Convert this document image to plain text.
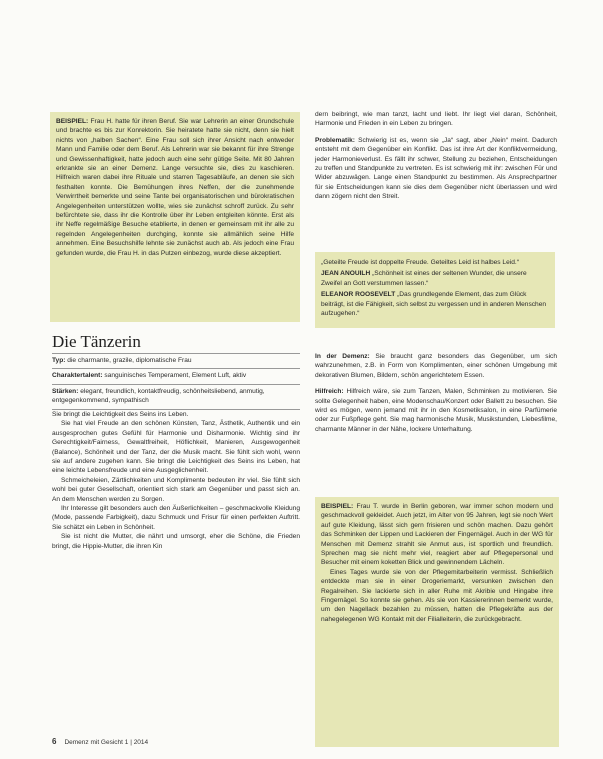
BEISPIEL: Frau H. hatte für ihren Beruf. Sie war Lehrerin an einer Grundschule und brachte es bis zur Konrektorin. Sie heiratete hatte sie nicht, denn sie hielt nichts von „halben Sachen“. Eine Frau soll sich ihrer Ansicht nach entweder Mann und Familie oder dem Beruf. Als Lehrerin war sie bekannt für ihre Strenge und Gewissenhaftigkeit, hatte jedoch auch eine sehr gütige Seite. Mit 80 Jahren erkrankte sie an einer Demenz. Lange versuchte sie, dies zu kaschieren. Hilfreich waren dabei ihre Rituale und starren Tagesabläufe, an denen sie sich festhalten konnte. Die Bemühungen ihres Neffen, der die zunehmende Verwirrtheit bemerkte und seine Tante bei organisatorischen und bürokratischen Angelegenheiten unterstützen wollte, wies sie zunächst schroff zurück. Zu sehr befürchtete sie, dass ihr die Kontrolle über ihr Leben entgleiten könnte. Erst als ihr Neffe regelmäßige Besuche etablierte, in denen er gemeinsam mit ihr alle zu regelnden Angelegenheiten durchging, konnte sie allmählich seine Hilfe annehmen. Eine Besuchshilfe lehnte sie zunächst auch ab. Als jedoch eine Frau gefunden wurde, die Frau H. in das Putzen einbezog, wurde diese akzeptiert.

Die Tänzerin
Typ: die charmante, grazile, diplomatische Frau
Charaktertalent: sanguinisches Temperament, Element Luft, aktiv
Stärken: elegant, freundlich, kontaktfreudig, schönheitsliebend, anmutig, entgegenkommend, sympathisch

Sie bringt die Leichtigkeit des Seins ins Leben.

Sie hat viel Freude an den schönen Künsten, Tanz, Ästhetik, Authentik und ein ausgesprochen gutes Gefühl für Harmonie und Disharmonie. Wichtig sind ihr Gerechtigkeit/Fairness, Gewaltfreiheit, Höflichkeit, Manieren, Ausgewogenheit (Balance), Schönheit und der Tanz, der die Musik macht. Sie fühlt sich wohl, wenn sie auf andere zugehen kann. Sie bringt die Leichtigkeit des Seins ins Leben, hat eine leichte Lebensfreude und eine Ausgeglichenheit.

Schmeicheleien, Zärtlichkeiten und Komplimente bedeuten ihr viel. Sie fühlt sich wohl bei guter Gesellschaft, orientiert sich stark am Gegenüber und passt sich an. An dem Menschen werden zu Sorgen.

Ihr Interesse gilt besonders auch den Äußerlichkeiten – geschmackvolle Kleidung (Mode, passende Farbigkeit), dazu Schmuck und Frisur für einen perfekten Auftritt. Sie schätzt ein Leben in Schönheit.

Sie ist nicht die Mutter, die nährt und umsorgt, eher die Schöne, die Frieden bringt, die Hippie-Mutter, die ihren Kin

dern beibringt, wie man tanzt, lacht und liebt. Ihr liegt viel daran, Schönheit, Harmonie und Frieden in ein Leben zu bringen.

Problematik: Schwierig ist es, wenn sie „Ja“ sagt, aber „Nein“ meint. Dadurch entsteht mit dem Gegenüber ein Konflikt. Das ist ihre Art der Konfliktvermeidung, jeder Harmonieverlust. Es fällt ihr schwer, Stellung zu beziehen, Entscheidungen zu treffen und Standpunkte zu vertreten. Es ist schwierig mit ihr: zwischen Für und Wider abzuwägen. Lange einen Standpunkt zu bestimmen. Als Ansprechpartner für sie Entscheidungen kann sie dies dem Gegenüber nicht überlassen und wird dann zögern nicht den Streit.

„Geteilte Freude ist doppelte Freude. Geteiltes Leid ist halbes Leid.“

JEAN ANOUILH „Schönheit ist eines der seltenen Wunder, die unsere Zweifel an Gott verstummen lassen.“

ELEANOR ROOSEVELT „Das grundlegende Element, das zum Glück beiträgt, ist die Fähigkeit, sich selbst zu vergessen und in anderen Menschen aufzugehen.“

In der Demenz: Sie braucht ganz besonders das Gegenüber, um sich wahrzunehmen, z.B. in Form von Komplimenten, einer schönen Umgebung mit dekorativen Blumen, Bildern, schön angerichtetem Essen.

Hilfreich: Hilfreich wäre, sie zum Tanzen, Malen, Schminken zu motivieren. Sie sollte Gelegenheit haben, eine Modenschau/Konzert oder Ballett zu besuchen. Sie wird es mögen, wenn jemand mit ihr in den Kosmetiksalon, in eine Parfümerie oder zur Fußpflege geht. Sie mag harmonische Musik, Musikstunden, Liebesfilme, charmante Männer in der Nähe, lockere Unterhaltung.

BEISPIEL: Frau T. wurde in Berlin geboren, war immer schon modern und geschmackvoll gekleidet. Auch jetzt, im Alter von 95 Jahren, legt sie noch Wert auf gute Kleidung, lässt sich gern frisieren und schön machen. Dazu gehört das Schminken der Lippen und Lackieren der Fingernägel. Auch in der WG für Menschen mit Demenz strahlt sie Anmut aus, ist sportlich und freundlich. Sprechen mag sie nicht mehr viel, reagiert aber auf Pflegepersonal und Besucher mit einem koketten Blick und gewinnendem Lächeln.

Eines Tages wurde sie von der Pflegemitarbeiterin vermisst. Schließlich entdeckte man sie in einer Drogeriemarkt, versunken zwischen den Regalreihen. Sie lackierte sich in aller Ruhe mit Akribie und Hingabe ihre Fingernägel. So konnte sie gehen. Als sie von Kassiererinnen bemerkt wurde, um den Nagellack bezahlen zu müssen, hatten die Pflegekräfte aus der nahegelegenen WG Kontakt mit der Filialleiterin, die zurückgebracht.

6 Demenz mit Gesicht 1 | 2014
